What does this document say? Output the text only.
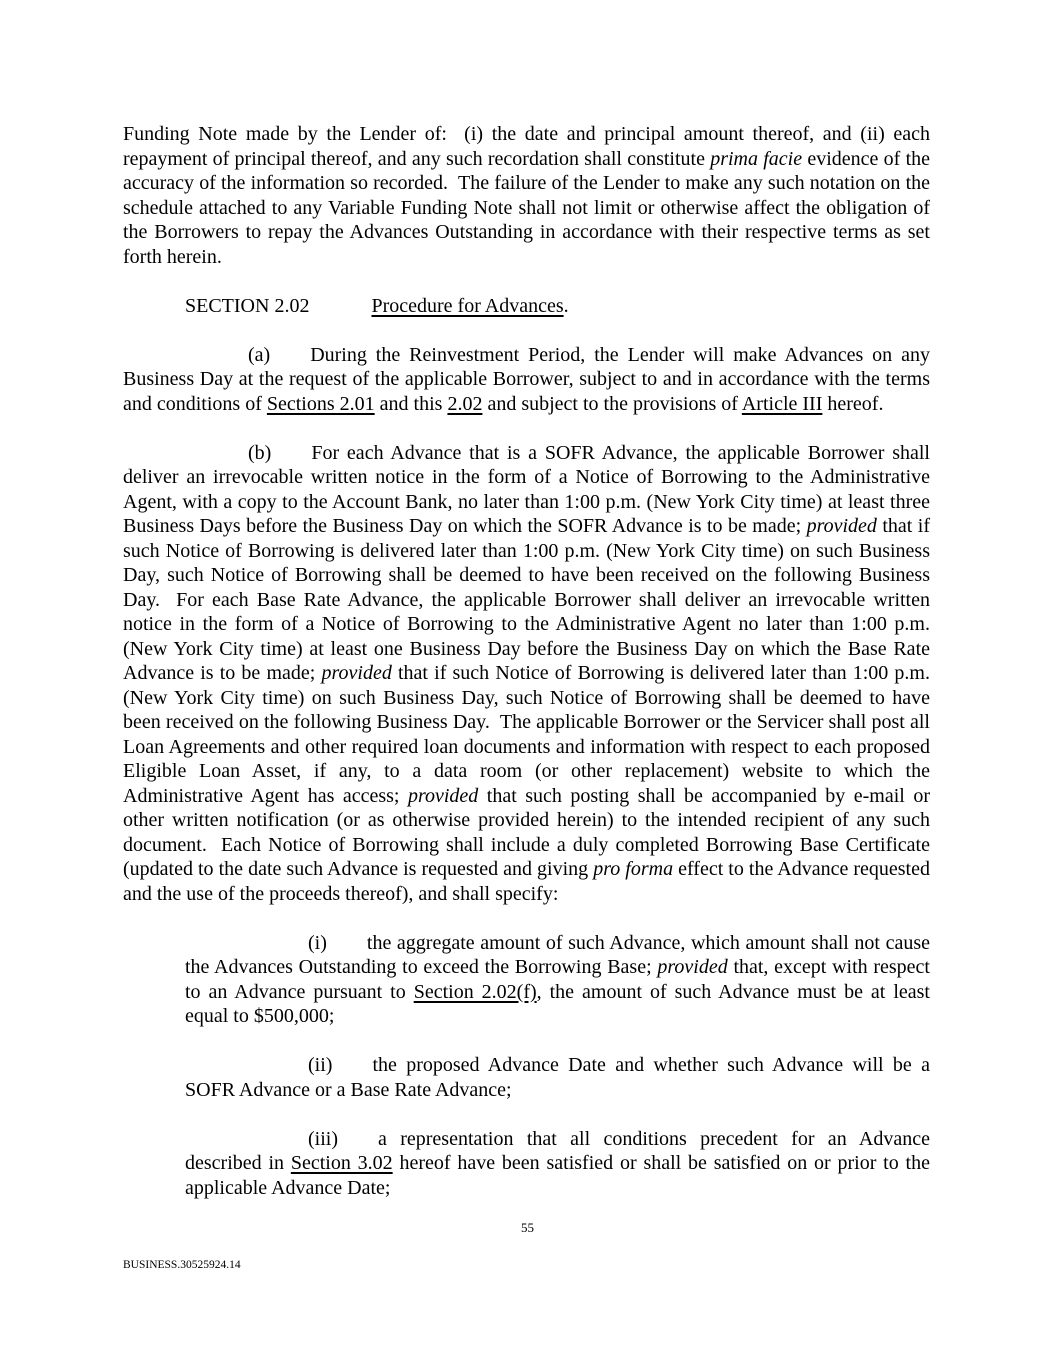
Funding Note made by the Lender of:  (i) the date and principal amount thereof, and (ii) each repayment of principal thereof, and any such recordation shall constitute prima facie evidence of the accuracy of the information so recorded.  The failure of the Lender to make any such notation on the schedule attached to any Variable Funding Note shall not limit or otherwise affect the obligation of the Borrowers to repay the Advances Outstanding in accordance with their respective terms as set forth herein.

SECTION 2.02	Procedure for Advances.

(a) During the Reinvestment Period, the Lender will make Advances on any Business Day at the request of the applicable Borrower, subject to and in accordance with the terms and conditions of Sections 2.01 and this 2.02 and subject to the provisions of Article III hereof.

(b) For each Advance that is a SOFR Advance, the applicable Borrower shall deliver an irrevocable written notice in the form of a Notice of Borrowing to the Administrative Agent, with a copy to the Account Bank, no later than 1:00 p.m. (New York City time) at least three Business Days before the Business Day on which the SOFR Advance is to be made; provided that if such Notice of Borrowing is delivered later than 1:00 p.m. (New York City time) on such Business Day, such Notice of Borrowing shall be deemed to have been received on the following Business Day.  For each Base Rate Advance, the applicable Borrower shall deliver an irrevocable written notice in the form of a Notice of Borrowing to the Administrative Agent no later than 1:00 p.m. (New York City time) at least one Business Day before the Business Day on which the Base Rate Advance is to be made; provided that if such Notice of Borrowing is delivered later than 1:00 p.m. (New York City time) on such Business Day, such Notice of Borrowing shall be deemed to have been received on the following Business Day.  The applicable Borrower or the Servicer shall post all Loan Agreements and other required loan documents and information with respect to each proposed Eligible Loan Asset, if any, to a data room (or other replacement) website to which the Administrative Agent has access; provided that such posting shall be accompanied by e-mail or other written notification (or as otherwise provided herein) to the intended recipient of any such document.  Each Notice of Borrowing shall include a duly completed Borrowing Base Certificate (updated to the date such Advance is requested and giving pro forma effect to the Advance requested and the use of the proceeds thereof), and shall specify:

(i) the aggregate amount of such Advance, which amount shall not cause the Advances Outstanding to exceed the Borrowing Base; provided that, except with respect to an Advance pursuant to Section 2.02(f), the amount of such Advance must be at least equal to $500,000;

(ii) the proposed Advance Date and whether such Advance will be a SOFR Advance or a Base Rate Advance;

(iii) a representation that all conditions precedent for an Advance described in Section 3.02 hereof have been satisfied or shall be satisfied on or prior to the applicable Advance Date;

55
BUSINESS.30525924.14
